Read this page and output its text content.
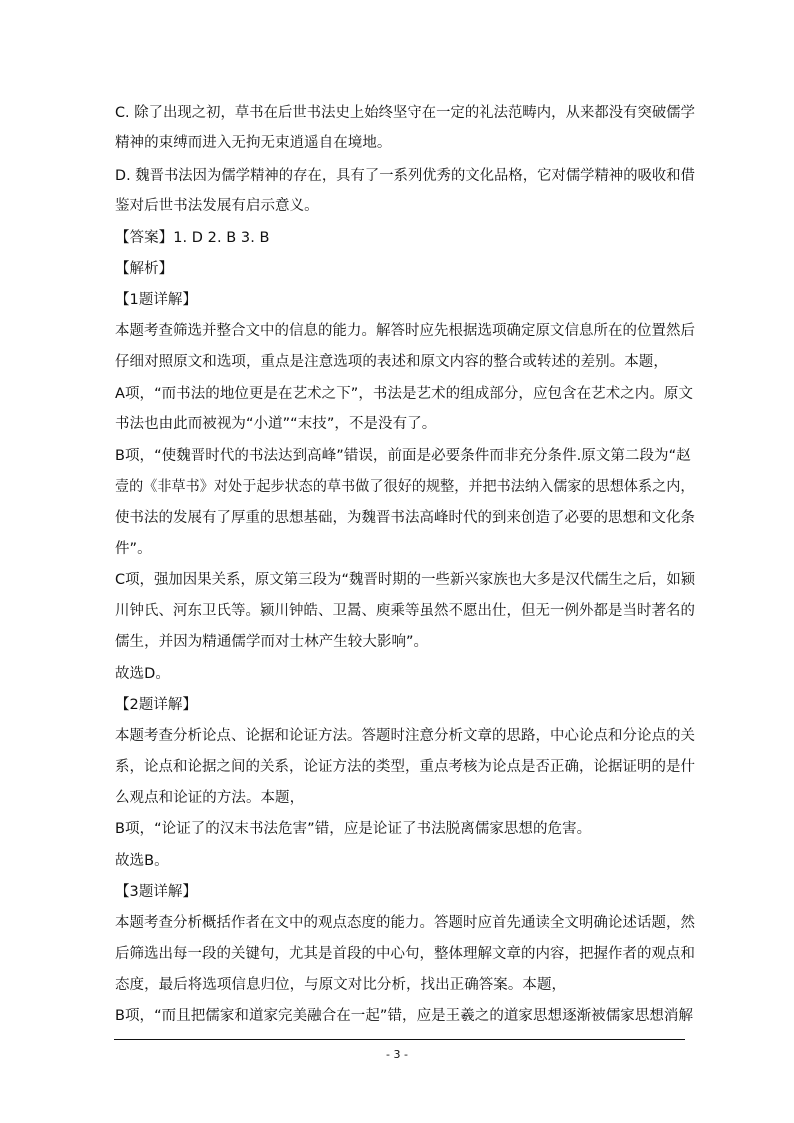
C. 除了出现之初，草书在后世书法史上始终坚守在一定的礼法范畴内，从来都没有突破儒学
精神的束缚而进入无拘无束逍遥自在境地。
D. 魏晋书法因为儒学精神的存在，具有了一系列优秀的文化品格，它对儒学精神的吸收和借
鉴对后世书法发展有启示意义。
【答案】1. D 2. B 3. B
【解析】
【1题详解】
本题考查筛选并整合文中的信息的能力。解答时应先根据选项确定原文信息所在的位置然后
仔细对照原文和选项，重点是注意选项的表述和原文内容的整合或转述的差别。本题，
A项，“而书法的地位更是在艺术之下”，书法是艺术的组成部分，应包含在艺术之内。原文
书法也由此而被视为“小道”“末技”，不是没有了。
B项，“使魏晋时代的书法达到高峰”错误，前面是必要条件而非充分条件.原文第二段为“赵
壹的《非草书》对处于起步状态的草书做了很好的规整，并把书法纳入儒家的思想体系之内，
使书法的发展有了厚重的思想基础，为魏晋书法高峰时代的到来创造了必要的思想和文化条
件”。
C项，强加因果关系，原文第三段为“魏晋时期的一些新兴家族也大多是汉代儒生之后，如颍
川钟氏、河东卫氏等。颍川钟皓、卫暠、庾乘等虽然不愿出仕，但无一例外都是当时著名的
儒生，并因为精通儒学而对士林产生较大影响”。
故选D。
【2题详解】
本题考查分析论点、论据和论证方法。答题时注意分析文章的思路，中心论点和分论点的关
系，论点和论据之间的关系，论证方法的类型，重点考核为论点是否正确，论据证明的是什
么观点和论证的方法。本题，
B项，“论证了的汉末书法危害”错，应是论证了书法脱离儒家思想的危害。
故选B。
【3题详解】
本题考查分析概括作者在文中的观点态度的能力。答题时应首先通读全文明确论述话题，然
后筛选出每一段的关键句，尤其是首段的中心句，整体理解文章的内容，把握作者的观点和
态度，最后将选项信息归位，与原文对比分析，找出正确答案。本题，
B项，“而且把儒家和道家完美融合在一起”错，应是王羲之的道家思想逐渐被儒家思想消解
- 3 -
